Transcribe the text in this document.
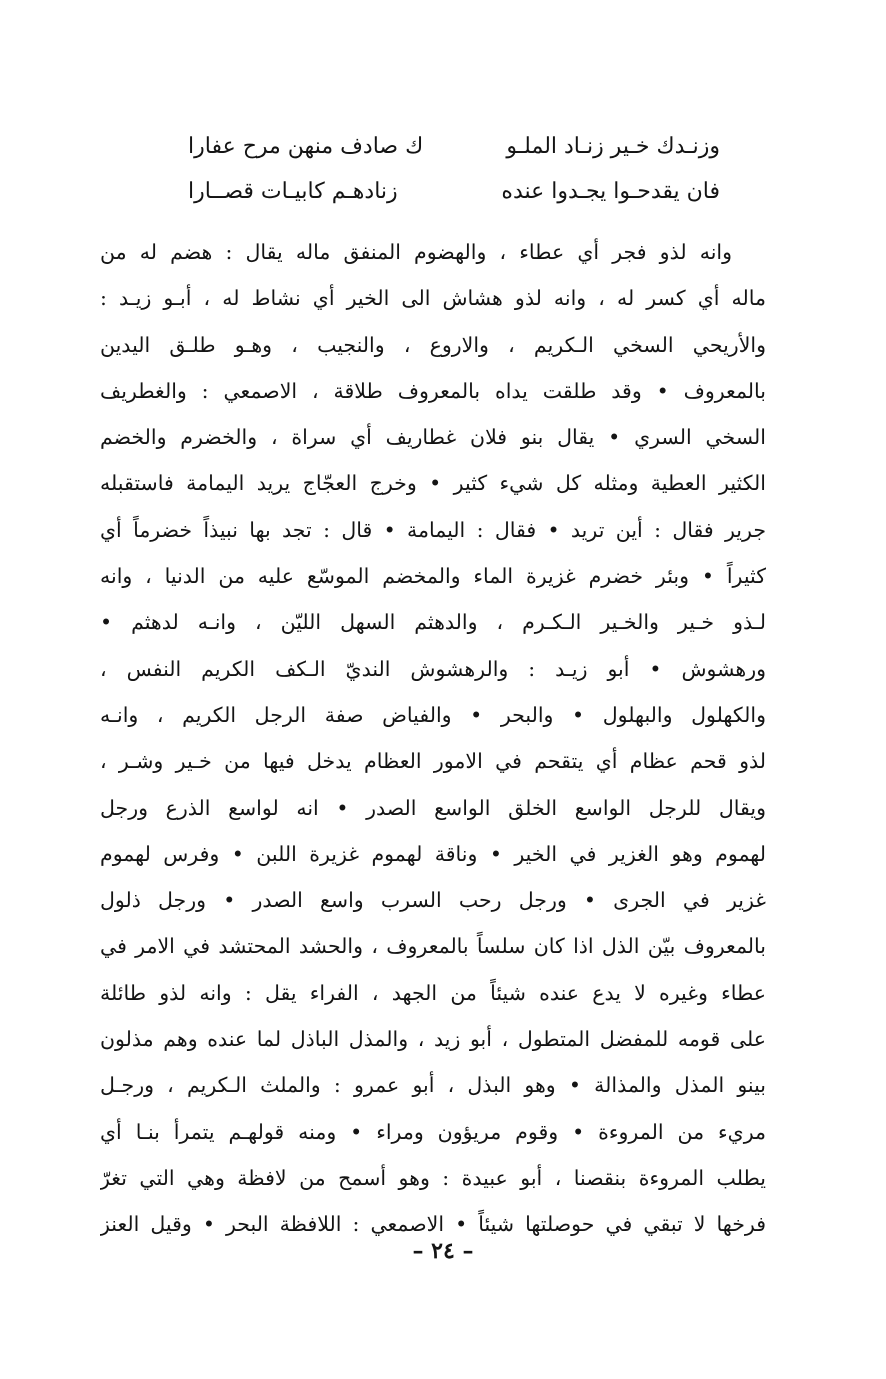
وزنـدك خـير زنـاد الملـو
ك صادف منهن مرح عفارا
فان يقدحـوا يجـدوا عنده
زنادهـم كابيـات قصــارا
وانه لذو فجر أي عطاء ، والهضوم المنفق ماله يقال : هضم له من
ماله أي كسر له ، وانه لذو هشاش الى الخير أي نشاط له ، أبـو زيـد :
والأريحي السخي الـكريم ، والاروع ، والنجيب ، وهـو طلـق اليدين
بالمعروف • وقد طلقت يداه بالمعروف طلاقة ، الاصمعي : والغطريف
السخي السري • يقال بنو فلان غطاريف أي سراة ، والخضرم والخضم
الكثير العطية ومثله كل شيء كثير • وخرج العجّاج يريد اليمامة فاستقبله
جرير فقال : أين تريد • فقال : اليمامة • قال : تجد بها نبيذاً خضرماً أي
كثيراً • وبئر خضرم غزيرة الماء والمخضم الموسّع عليه من الدنيا ، وانه
لـذو خـير والخـير الـكـرم ، والدهثم السهل الليّن ، وانـه لدهثم •
ورهشوش • أبو زيـد : والرهشوش النديّ الـكف الكريم النفس ،
والكهلول والبهلول • والبحر • والفياض صفة الرجل الكريم ، وانـه
لذو قحم عظام أي يتقحم في الامور العظام يدخل فيها من خـير وشـر ،
ويقال للرجل الواسع الخلق الواسع الصدر • انه لواسع الذرع ورجل
لهموم وهو الغزير في الخير • وناقة لهموم غزيرة اللبن • وفرس لهموم
غزير في الجرى • ورجل رحب السرب واسع الصدر • ورجل ذلول
بالمعروف بيّن الذل اذا كان سلساً بالمعروف ، والحشد المحتشد في الامر في
عطاء وغيره لا يدع عنده شيئاً من الجهد ، الفراء يقل : وانه لذو طائلة
على قومه للمفضل المتطول ، أبو زيد ، والمذل الباذل لما عنده وهم مذلون
بينو المذل والمذالة • وهو البذل ، أبو عمرو : والملث الـكريم ، ورجـل
مريء من المروءة • وقوم مريؤون ومراء • ومنه قولهـم يتمرأ بنـا أي
يطلب المروءة بنقصنا ، أبو عبيدة : وهو أسمح من لافظة وهي التي تغرّ
فرخها لا تبقي في حوصلتها شيئاً • الاصمعي : اللافظة البحر • وقيل العنز
– ٢٤ –
